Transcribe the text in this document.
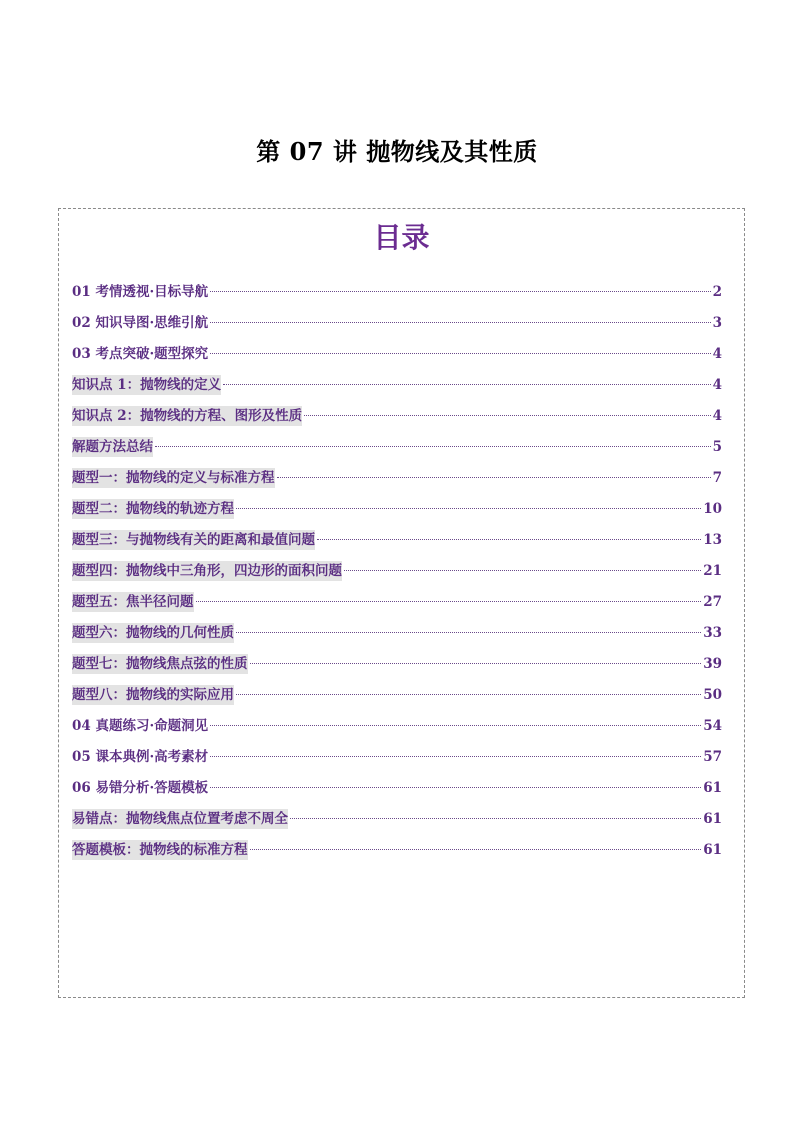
第 07 讲 抛物线及其性质
目录
01 考情透视·目标导航	2
02 知识导图·思维引航	3
03 考点突破·题型探究	4
知识点 1：抛物线的定义	4
知识点 2：抛物线的方程、图形及性质	4
解题方法总结	5
题型一：抛物线的定义与标准方程	7
题型二：抛物线的轨迹方程	10
题型三：与抛物线有关的距离和最值问题	13
题型四：抛物线中三角形，四边形的面积问题	21
题型五：焦半径问题	27
题型六：抛物线的几何性质	33
题型七：抛物线焦点弦的性质	39
题型八：抛物线的实际应用	50
04 真题练习·命题洞见	54
05 课本典例·高考素材	57
06 易错分析·答题模板	61
易错点：抛物线焦点位置考虑不周全	61
答题模板：抛物线的标准方程	61
